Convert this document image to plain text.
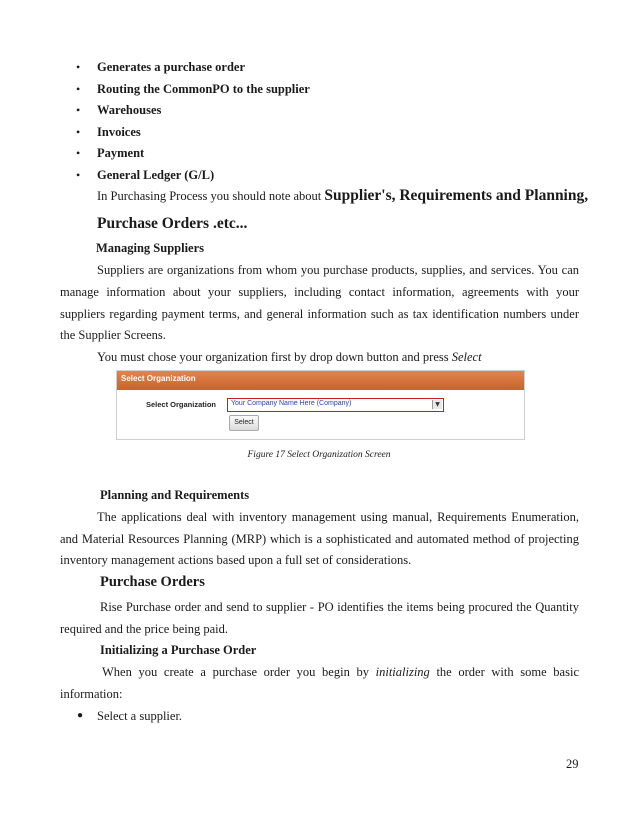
• Generates a purchase order
• Routing the CommonPO to the supplier
• Warehouses
• Invoices
• Payment
• General Ledger (G/L)
In Purchasing Process you should note about Supplier's, Requirements and Planning,
Purchase Orders .etc...
Managing Suppliers
Suppliers are organizations from whom you purchase products, supplies, and services. You can
manage information about your suppliers, including contact information, agreements with your
suppliers regarding payment terms, and general information such as tax identification numbers under
the Supplier Screens.
You must chose your organization first by drop down button and press Select
Select Organization
Select Organization Your Company Name Here (Company)	▼
Select
Figure 17 Select Organization Screen
Planning and Requirements
The applications deal with inventory management using manual, Requirements Enumeration,
and Material Resources Planning (MRP) which is a sophisticated and automated method of projecting
inventory management actions based upon a full set of considerations.
Purchase Orders
Rise Purchase order and send to supplier - PO identifies the items being procured the Quantity
required and the price being paid.
Initializing a Purchase Order
When you create a purchase order you begin by initializing the order with some basic
information:
● Select a supplier.
29
